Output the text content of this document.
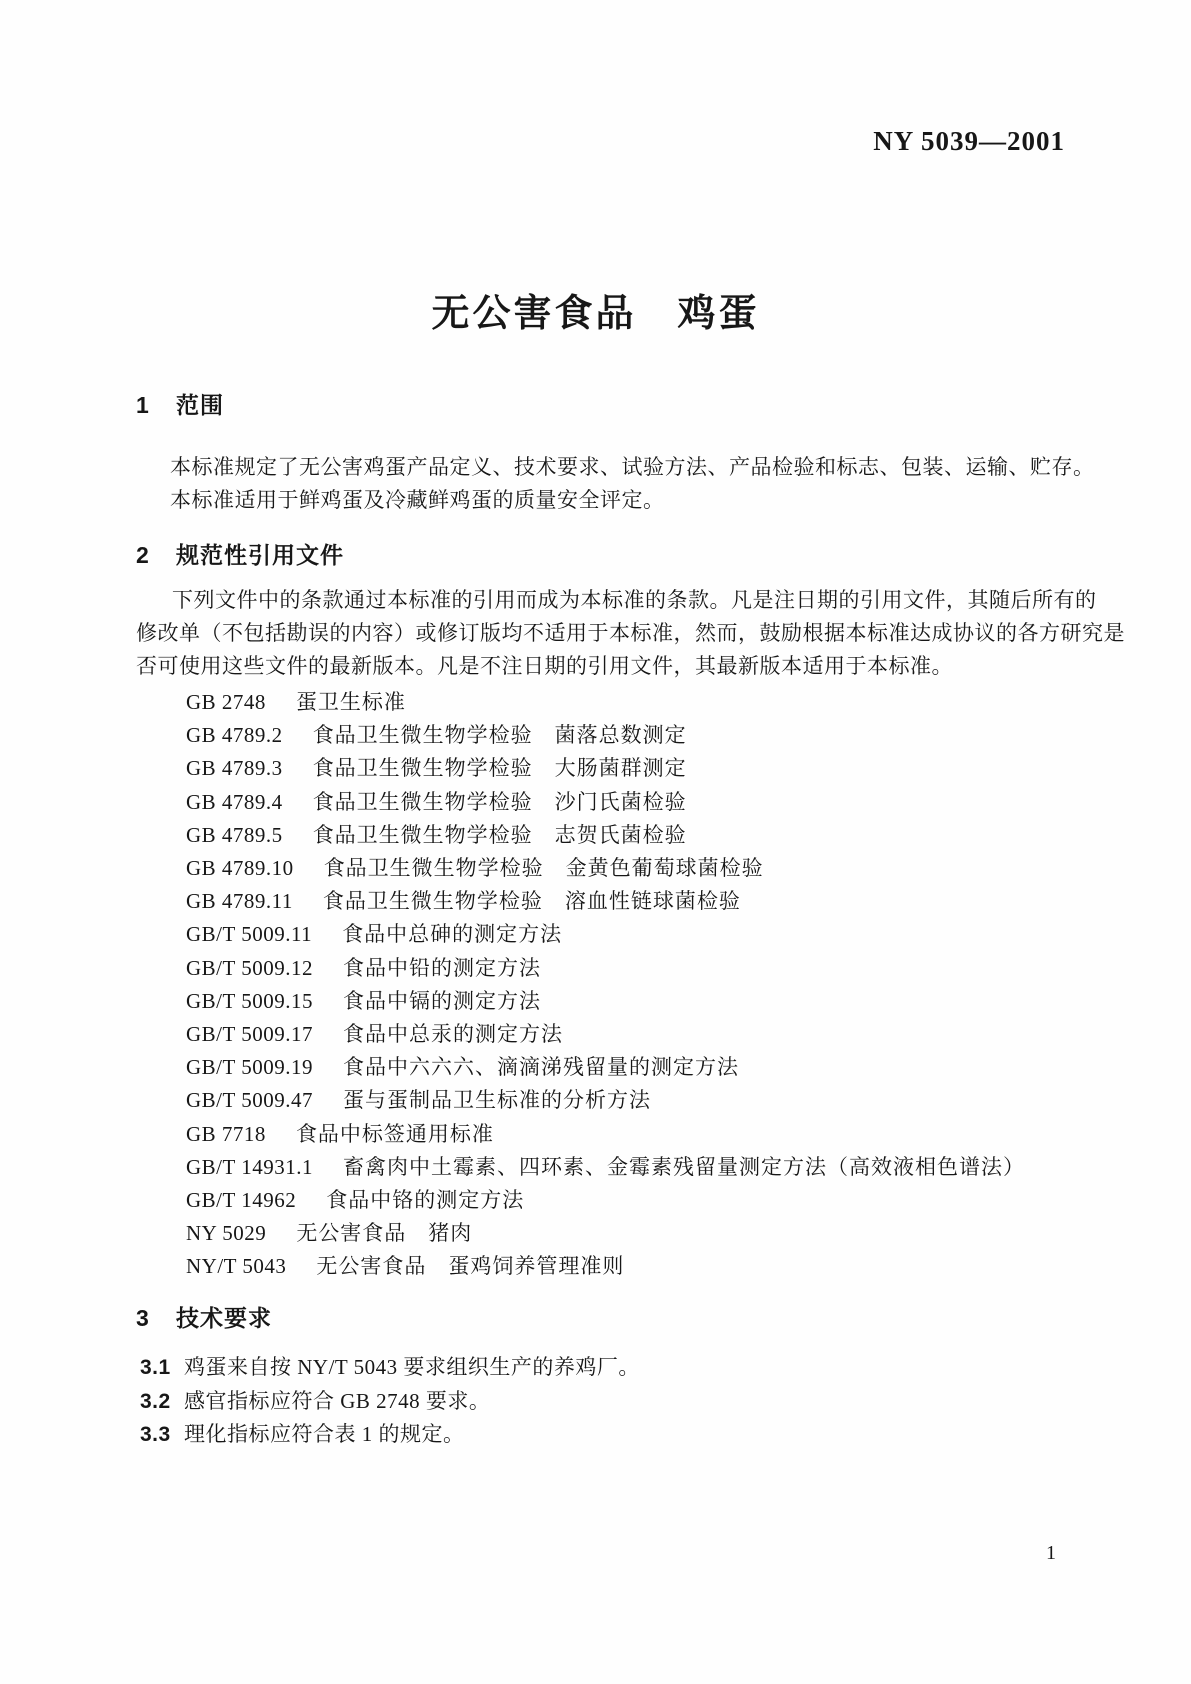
NY 5039—2001
无公害食品　鸡蛋
1 范围

本标准规定了无公害鸡蛋产品定义、技术要求、试验方法、产品检验和标志、包装、运输、贮存。

本标准适用于鲜鸡蛋及冷藏鲜鸡蛋的质量安全评定。

2 规范性引用文件
下列文件中的条款通过本标准的引用而成为本标准的条款。凡是注日期的引用文件，其随后所有的
修改单（不包括勘误的内容）或修订版均不适用于本标准，然而，鼓励根据本标准达成协议的各方研究是
否可使用这些文件的最新版本。凡是不注日期的引用文件，其最新版本适用于本标准。
GB 2748 蛋卫生标准
GB 4789.2 食品卫生微生物学检验　菌落总数测定
GB 4789.3 食品卫生微生物学检验　大肠菌群测定
GB 4789.4 食品卫生微生物学检验　沙门氏菌检验
GB 4789.5 食品卫生微生物学检验　志贺氏菌检验
GB 4789.10 食品卫生微生物学检验　金黄色葡萄球菌检验
GB 4789.11 食品卫生微生物学检验　溶血性链球菌检验
GB/T 5009.11 食品中总砷的测定方法
GB/T 5009.12 食品中铅的测定方法
GB/T 5009.15 食品中镉的测定方法
GB/T 5009.17 食品中总汞的测定方法
GB/T 5009.19 食品中六六六、滴滴涕残留量的测定方法
GB/T 5009.47 蛋与蛋制品卫生标准的分析方法
GB 7718 食品中标签通用标准
GB/T 14931.1 畜禽肉中土霉素、四环素、金霉素残留量测定方法（高效液相色谱法）
GB/T 14962 食品中铬的测定方法
NY 5029 无公害食品　猪肉
NY/T 5043 无公害食品　蛋鸡饲养管理准则
3 技术要求
3.1 鸡蛋来自按 NY/T 5043 要求组织生产的养鸡厂。
3.2 感官指标应符合 GB 2748 要求。
3.3 理化指标应符合表 1 的规定。
1
